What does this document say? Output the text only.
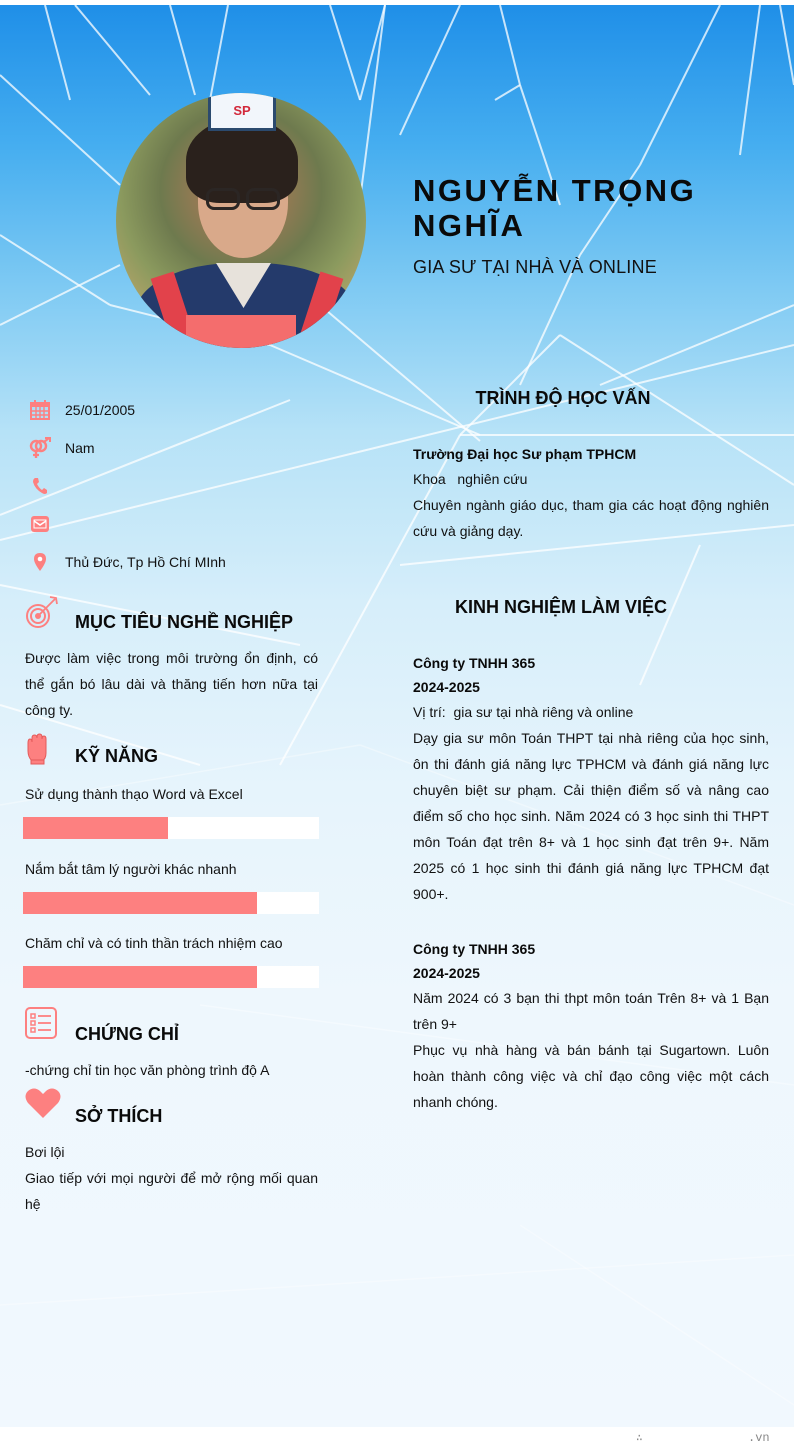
SP
NGUYỄN TRỌNG NGHĨA
GIA SƯ TẠI NHÀ VÀ ONLINE
25/01/2005
Nam
Thủ Đức, Tp Hồ Chí MInh
MỤC TIÊU NGHỀ NGHIỆP
Được làm việc trong môi trường ổn định, có thể gắn bó lâu dài và thăng tiến hơn nữa tại công ty.
KỸ NĂNG
Sử dụng thành thạo Word và Excel
Nắm bắt tâm lý người khác nhanh
Chăm chỉ và có tinh thần trách nhiệm cao
CHỨNG CHỈ
-chứng chỉ tin học văn phòng trình độ A
SỞ THÍCH
Bơi lội
Giao tiếp với mọi người để mở rộng mối quan hệ
TRÌNH ĐỘ HỌC VẤN
Trường Đại học Sư phạm TPHCM
Khoa   nghiên cứu
Chuyên ngành giáo dục, tham gia các hoạt động nghiên cứu và giảng dạy.
KINH NGHIỆM LÀM VIỆC
Công ty TNHH 365
2024-2025
Vị trí:  gia sư tại nhà riêng và online
Dạy gia sư môn Toán THPT tại nhà riêng của học sinh, ôn thi đánh giá năng lực TPHCM và đánh giá năng lực chuyên biệt sư phạm. Cải thiện điểm số và nâng cao điểm số cho học sinh. Năm 2024 có 3 học sinh thi THPT môn Toán đạt trên 8+ và 1 học sinh đạt trên 9+. Năm 2025 có 1 học sinh thi đánh giá năng lực TPHCM đạt 900+.
Công ty TNHH 365
2024-2025
Năm 2024 có 3 bạn thi thpt môn toán Trên 8+ và 1 Bạn trên 9+
Phục vụ nhà hàng và bán bánh tại Sugartown. Luôn hoàn thành công việc và chỉ đạo công việc một cách nhanh chóng.
∴	.vn
